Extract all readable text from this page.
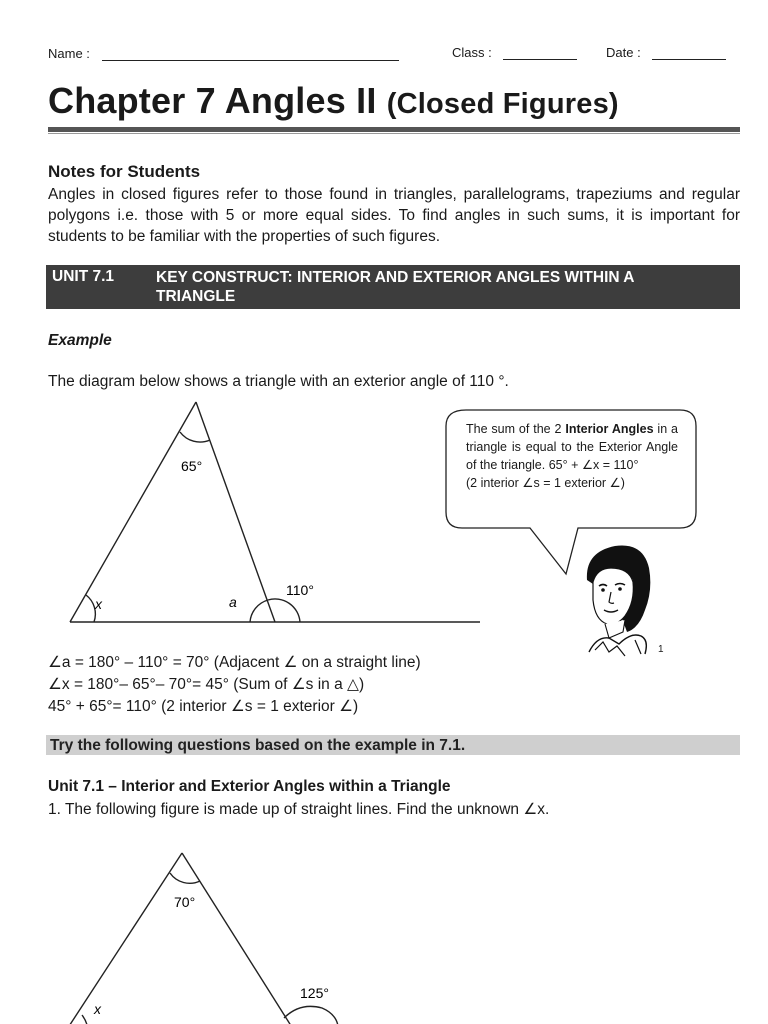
Name :	Class :	Date :
Chapter 7 Angles II (Closed Figures)
Notes for Students
Angles in closed figures refer to those found in triangles, parallelograms, trapeziums and regular polygons i.e. those with 5 or more equal sides. To find angles in such sums, it is important for students to be familiar with the properties of such figures.
UNIT 7.1	KEY CONSTRUCT: INTERIOR AND EXTERIOR ANGLES WITHIN A TRIANGLE
Example
The diagram below shows a triangle with an exterior angle of 110 °.
65°
x	a
110°
The sum of the 2 Interior Angles in a triangle is equal to the Exterior Angle of the triangle. 65° + ∠x = 110°
(2 interior ∠s = 1 exterior ∠)
1
∠a = 180° – 110° = 70° (Adjacent ∠ on a straight line)
∠x = 180°– 65°– 70°= 45° (Sum of ∠s in a △)
45° + 65°= 110° (2 interior ∠s = 1 exterior ∠)
Try the following questions based on the example in 7.1.
Unit 7.1 – Interior and Exterior Angles within a Triangle
1. The following figure is made up of straight lines. Find the unknown ∠x.
70°
125°
x
